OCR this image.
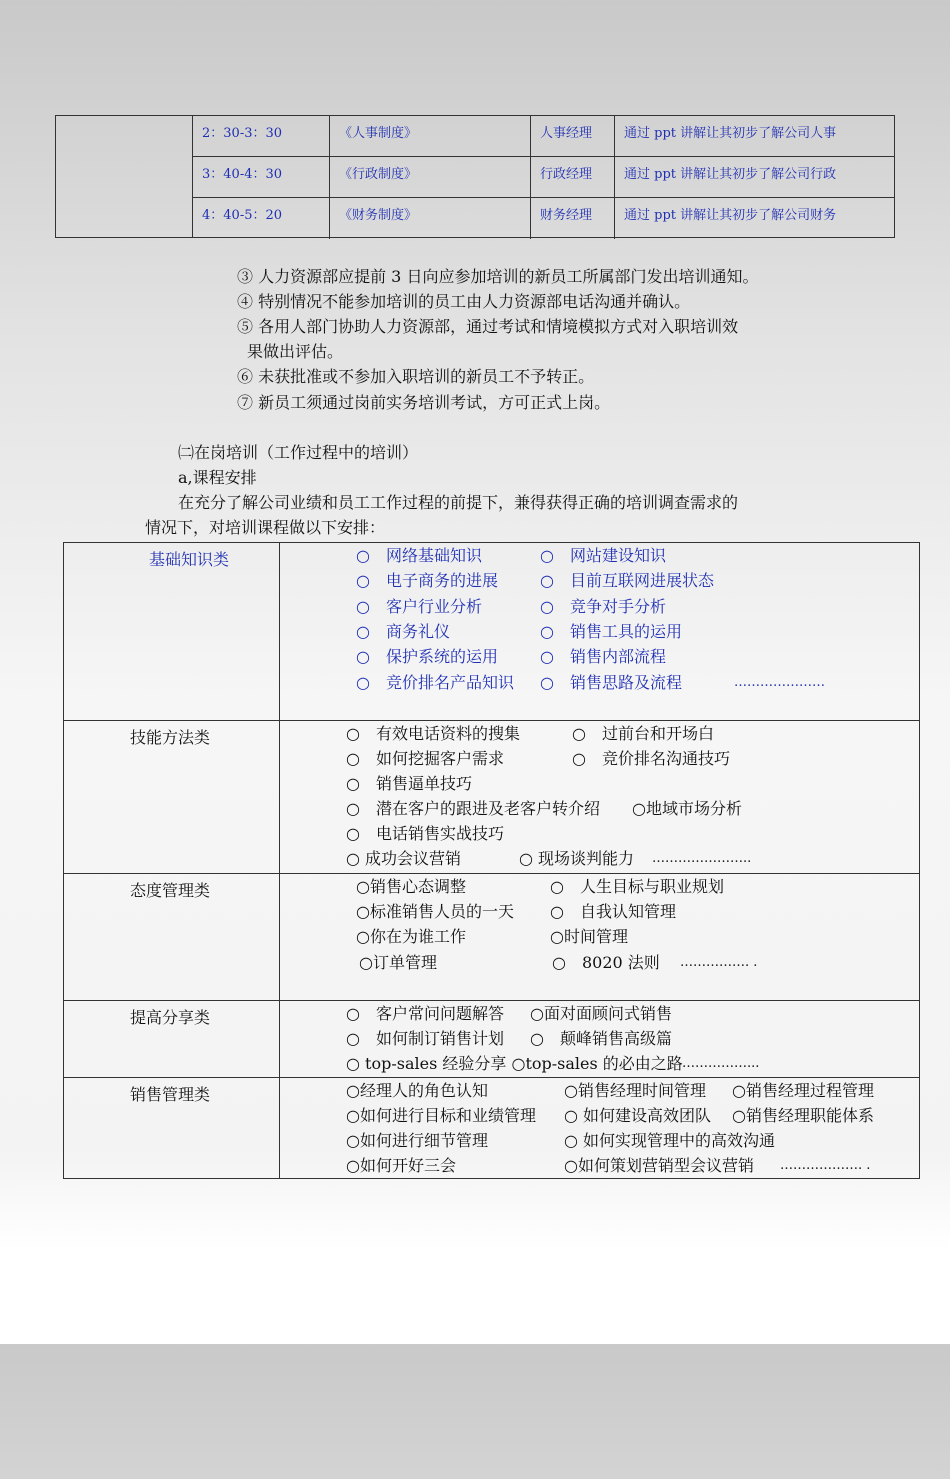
2：30-3：30	《人事制度》	人事经理	通过 ppt 讲解让其初步了解公司人事
3：40-4：30	《行政制度》	行政经理	通过 ppt 讲解让其初步了解公司行政
4：40-5：20	《财务制度》	财务经理	通过 ppt 讲解让其初步了解公司财务
③ 人力资源部应提前 3 日向应参加培训的新员工所属部门发出培训通知。
④ 特别情况不能参加培训的员工由人力资源部电话沟通并确认。
⑤ 各用人部门协助人力资源部，通过考试和情境模拟方式对入职培训效
果做出评估。
⑥ 未获批准或不参加入职培训的新员工不予转正。
⑦ 新员工须通过岗前实务培训考试，方可正式上岗。
㈡在岗培训（工作过程中的培训）
a,课程安排
在充分了解公司业绩和员工工作过程的前提下，兼得获得正确的培训调查需求的
情况下，对培训课程做以下安排：
基础知识类	○　网络基础知识	○　网站建设知识
○　电子商务的进展	○　目前互联网进展状态
○　客户行业分析	○　竞争对手分析
○　商务礼仪	○　销售工具的运用
○　保护系统的运用	○　销售内部流程
○　竞价排名产品知识 ○　销售思路及流程	…………………
技能方法类	○　有效电话资料的搜集	○　过前台和开场白
○　如何挖掘客户需求	○　竞价排名沟通技巧
○　销售逼单技巧
○　潜在客户的跟进及老客户转介绍 ○地域市场分析
○　电话销售实战技巧
○ 成功会议营销	○ 现场谈判能力 …………………..
态度管理类	○销售心态调整	○　人生目标与职业规划
○标准销售人员的一天 ○　自我认知管理
○你在为谁工作	○时间管理
○订单管理	○　8020 法则 ……………. .
提高分享类	○　客户常问问题解答 ○面对面顾问式销售
○　如何制订销售计划 ○　颠峰销售高级篇
○ top-sales 经验分享 ○top-sales 的必由之路 ……………...
销售管理类	○经理人的角色认知	○销售经理时间管理 ○销售经理过程管理
○如何进行目标和业绩管理 ○ 如何建设高效团队 ○销售经理职能体系
○如何进行细节管理	○ 如何实现管理中的高效沟通
○如何开好三会	○如何策划营销型会议营销 ………………. .
